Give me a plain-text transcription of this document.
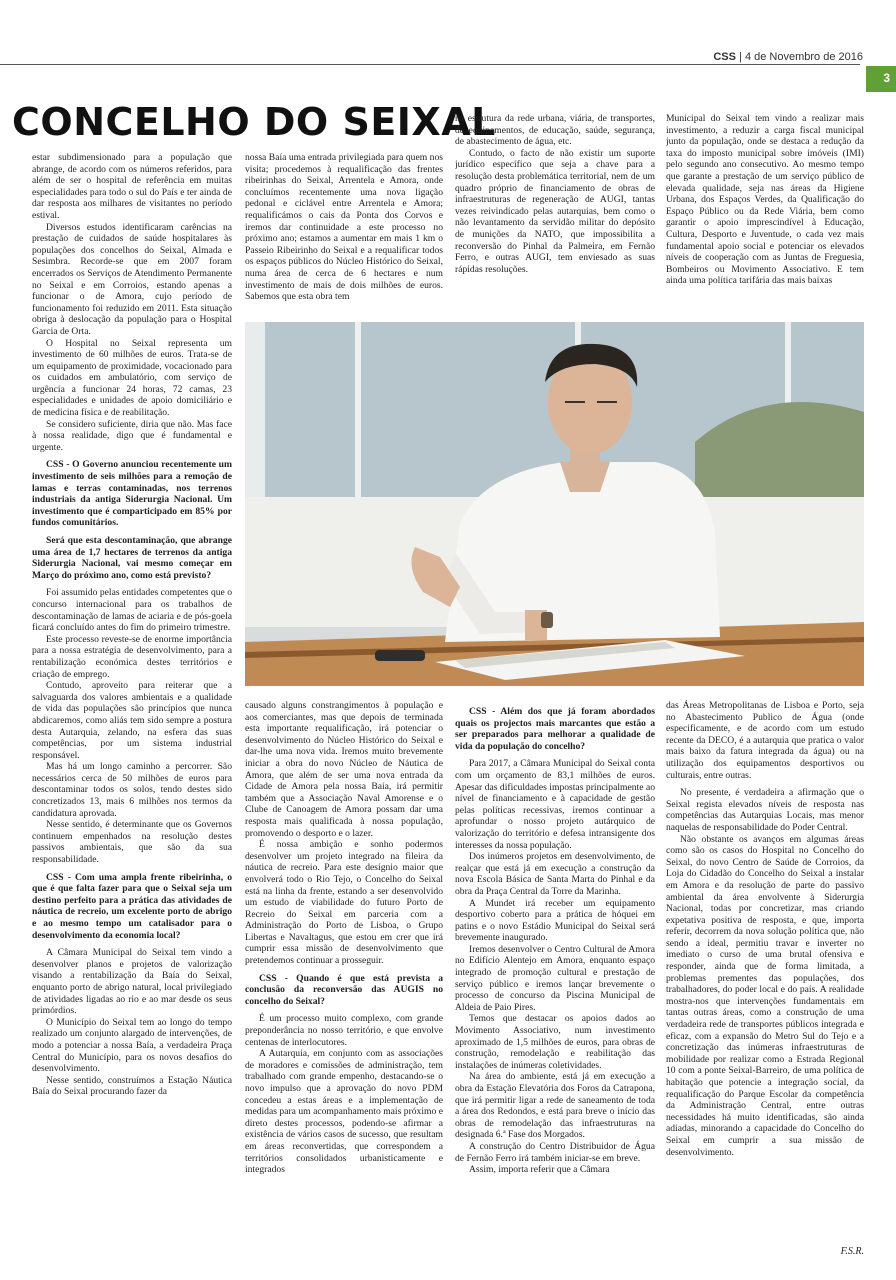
CSS | 4 de Novembro de 2016
3
CONCELHO DO SEIXAL

estar subdimensionado para a população que abrange, de acordo com os números referidos, para além de ser o hospital de referência em muitas especialidades para todo o sul do País e ter ainda de dar resposta aos milhares de visitantes no período estival.

Diversos estudos identificaram carências na prestação de cuidados de saúde hospitalares às populações dos concelhos do Seixal, Almada e Sesimbra. Recorde-se que em 2007 foram encerrados os Serviços de Atendimento Permanente no Seixal e em Corroios, estando apenas a funcionar o de Amora, cujo período de funcionamento foi reduzido em 2011. Esta situação obriga à deslocação da população para o Hospital Garcia de Orta.

O Hospital no Seixal representa um investimento de 60 milhões de euros. Trata-se de um equipamento de proximidade, vocacionado para os cuidados em ambulatório, com serviço de urgência a funcionar 24 horas, 72 camas, 23 especialidades e unidades de apoio domiciliário e de medicina física e de reabilitação.

Se considero suficiente, diria que não. Mas face à nossa realidade, digo que é fundamental e urgente.

CSS - O Governo anunciou recentemente um investimento de seis milhões para a remoção de lamas e terras contaminadas, nos terrenos industriais da antiga Siderurgia Nacional. Um investimento que é comparticipado em 85% por fundos comunitários.

Será que esta descontaminação, que abrange uma área de 1,7 hectares de terrenos da antiga Siderurgia Nacional, vai mesmo começar em Março do próximo ano, como está previsto?

Foi assumido pelas entidades competentes que o concurso internacional para os trabalhos de descontaminação de lamas de aciaria e de pós-goela ficará concluído antes do fim do primeiro trimestre.

Este processo reveste-se de enorme importância para a nossa estratégia de desenvolvimento, para a rentabilização económica destes territórios e criação de emprego.

Contudo, aproveito para reiterar que a salvaguarda dos valores ambientais e a qualidade de vida das populações são princípios que nunca abdicaremos, como aliás tem sido sempre a postura desta Autarquia, zelando, na esfera das suas competências, por um sistema industrial responsável.

Mas há um longo caminho a percorrer. São necessários cerca de 50 milhões de euros para descontaminar todos os solos, tendo destes sido concretizados 13, mais 6 milhões nos termos da candidatura aprovada.

Nesse sentido, é determinante que os Governos continuem empenhados na resolução destes passivos ambientais, que são da sua responsabilidade.

CSS - Com uma ampla frente ribeirinha, o que é que falta fazer para que o Seixal seja um destino perfeito para a prática das atividades de náutica de recreio, um excelente porto de abrigo e ao mesmo tempo um catalisador para o desenvolvimento da economia local?

A Câmara Municipal do Seixal tem vindo a desenvolver planos e projetos de valorização visando a rentabilização da Baía do Seixal, enquanto porto de abrigo natural, local privilegiado de atividades ligadas ao rio e ao mar desde os seus primórdios.

O Município do Seixal tem ao longo do tempo realizado um conjunto alargado de intervenções, de modo a potenciar a nossa Baía, a verdadeira Praça Central do Município, para os novos desafios do desenvolvimento.

Nesse sentido, construímos a Estação Náutica Baía do Seixal procurando fazer da

nossa Baía uma entrada privilegiada para quem nos visita; procedemos à requalificação das frentes ribeirinhas do Seixal, Arrentela e Amora, onde concluímos recentemente uma nova ligação pedonal e ciclável entre Arrentela e Amora; requalificámos o cais da Ponta dos Corvos e iremos dar continuidade a este processo no próximo ano; estamos a aumentar em mais 1 km o Passeio Ribeirinho do Seixal e a requalificar todos os espaços públicos do Núcleo Histórico do Seixal, numa área de cerca de 6 hectares e num investimento de mais de dois milhões de euros. Sabemos que esta obra tem

na estrutura da rede urbana, viária, de transportes, de equipamentos, de educação, saúde, segurança, de abastecimento de água, etc.

Contudo, o facto de não existir um suporte jurídico específico que seja a chave para a resolução desta problemática territorial, nem de um quadro próprio de financiamento de obras de infraestruturas de regeneração de AUGI, tantas vezes reivindicado pelas autarquias, bem como o não levantamento da servidão militar do depósito de munições da NATO, que impossibilita a reconversão do Pinhal da Palmeira, em Fernão Ferro, e outras AUGI, tem enviesado as suas rápidas resoluções.

Municipal do Seixal tem vindo a realizar mais investimento, a reduzir a carga fiscal municipal junto da população, onde se destaca a redução da taxa do imposto municipal sobre imóveis (IMI) pelo segundo ano consecutivo. Ao mesmo tempo que garante a prestação de um serviço público de elevada qualidade, seja nas áreas da Higiene Urbana, dos Espaços Verdes, da Qualificação do Espaço Público ou da Rede Viária, bem como garantir o apoio imprescindível à Educação, Cultura, Desporto e Juventude, o cada vez mais fundamental apoio social e potenciar os elevados níveis de cooperação com as Juntas de Freguesia, Bombeiros ou Movimento Associativo. E tem ainda uma política tarifária das mais baixas

causado alguns constrangimentos à população e aos comerciantes, mas que depois de terminada esta importante requalificação, irá potenciar o desenvolvimento do Núcleo Histórico do Seixal e dar-lhe uma nova vida. Iremos muito brevemente iniciar a obra do novo Núcleo de Náutica de Amora, que além de ser uma nova entrada da Cidade de Amora pela nossa Baía, irá permitir também que a Associação Naval Amorense e o Clube de Canoagem de Amora possam dar uma resposta mais qualificada à nossa população, promovendo o desporto e o lazer.

É nossa ambição e sonho podermos desenvolver um projeto integrado na fileira da náutica de recreio. Para este desígnio maior que envolverá todo o Rio Tejo, o Concelho do Seixal está na linha da frente, estando a ser desenvolvido um estudo de viabilidade do futuro Porto de Recreio do Seixal em parceria com a Administração do Porto de Lisboa, o Grupo Libertas e Navaltagus, que estou em crer que irá cumprir essa missão de desenvolvimento que pretendemos continuar a prosseguir.

CSS - Quando é que está prevista a conclusão da reconversão das AUGIS no concelho do Seixal?

É um processo muito complexo, com grande preponderância no nosso território, e que envolve centenas de interlocutores.

A Autarquia, em conjunto com as associações de moradores e comissões de administração, tem trabalhado com grande empenho, destacando-se o novo impulso que a aprovação do novo PDM concedeu a estas áreas e a implementação de medidas para um acompanhamento mais próximo e direto destes processos, podendo-se afirmar a existência de vários casos de sucesso, que resultam em áreas reconvertidas, que correspondem a territórios consolidados urbanisticamente e integrados

CSS - Além dos que já foram abordados quais os projectos mais marcantes que estão a ser preparados para melhorar a qualidade de vida da população do concelho?

Para 2017, a Câmara Municipal do Seixal conta com um orçamento de 83,1 milhões de euros. Apesar das dificuldades impostas principalmente ao nível de financiamento e à capacidade de gestão pelas políticas recessivas, iremos continuar a aprofundar o nosso projeto autárquico de valorização do território e defesa intransigente dos interesses da nossa população.

Dos inúmeros projetos em desenvolvimento, de realçar que está já em execução a construção da nova Escola Básica de Santa Marta do Pinhal e da obra da Praça Central da Torre da Marinha.

A Mundet irá receber um equipamento desportivo coberto para a prática de hóquei em patins e o novo Estádio Municipal do Seixal será brevemente inaugurado.

Iremos desenvolver o Centro Cultural de Amora no Edifício Alentejo em Amora, enquanto espaço integrado de promoção cultural e prestação de serviço público e iremos lançar brevemente o processo de concurso da Piscina Municipal de Aldeia de Paio Pires.

Temos que destacar os apoios dados ao Movimento Associativo, num investimento aproximado de 1,5 milhões de euros, para obras de construção, remodelação e reabilitação das instalações de inúmeras coletividades.

Na área do ambiente, está já em execução a obra da Estação Elevatória dos Foros da Catrapona, que irá permitir ligar a rede de saneamento de toda a área dos Redondos, e está para breve o início das obras de remodelação das infraestruturas na designada 6.ª Fase dos Morgados.

A construção do Centro Distribuidor de Água de Fernão Ferro irá também iniciar-se em breve.

Assim, importa referir que a Câmara

das Áreas Metropolitanas de Lisboa e Porto, seja no Abastecimento Publico de Água (onde especificamente, e de acordo com um estudo recente da DECO, é a autarquia que pratica o valor mais baixo da fatura integrada da água) ou na utilização dos equipamentos desportivos ou culturais, entre outras.

No presente, é verdadeira a afirmação que o Seixal regista elevados níveis de resposta nas competências das Autarquias Locais, mas menor naquelas de responsabilidade do Poder Central.

Não obstante os avanços em algumas áreas como são os casos do Hospital no Concelho do Seixal, do novo Centro de Saúde de Corroios, da Loja do Cidadão do Concelho do Seixal a instalar em Amora e da resolução de parte do passivo ambiental da área envolvente à Siderurgia Nacional, todas por concretizar, mas criando expetativa positiva de resposta, e que, importa referir, decorrem da nova solução política que, não sendo a ideal, permitiu travar e inverter no imediato o curso de uma brutal ofensiva e responder, ainda que de forma limitada, a problemas prementes das populações, dos trabalhadores, do poder local e do país. A realidade mostra-nos que intervenções fundamentais em tantas outras áreas, como a construção de uma verdadeira rede de transportes públicos integrada e eficaz, com a expansão do Metro Sul do Tejo e a concretização das inúmeras infraestruturas de mobilidade por realizar como a Estrada Regional 10 com a ponte Seixal-Barreiro, de uma política de habitação que potencie a integração social, da requalificação do Parque Escolar da competência da Administração Central, entre outras necessidades há muito identificadas, são ainda adiadas, minorando a capacidade do Concelho do Seixal em cumprir a sua missão de desenvolvimento.

F.S.R.
